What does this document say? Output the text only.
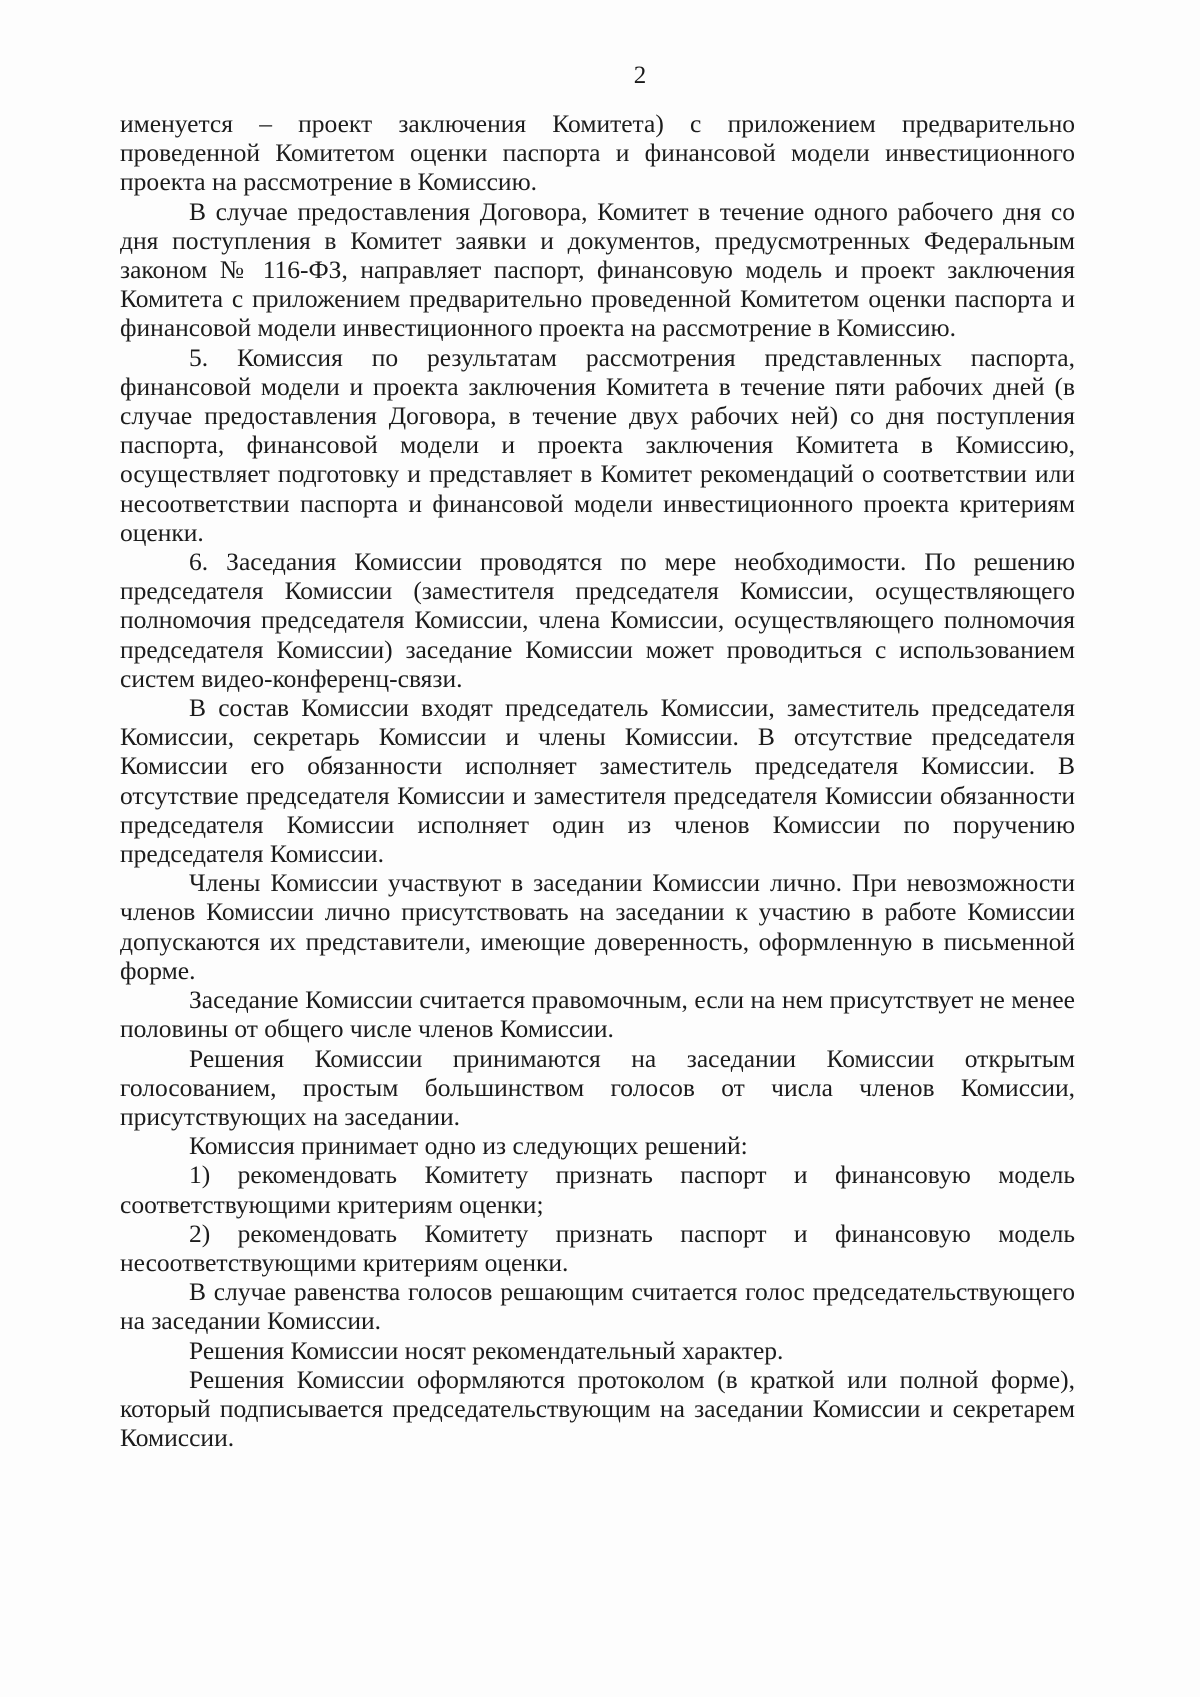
2

именуется – проект заключения Комитета) с приложением предварительно проведенной Комитетом оценки паспорта и финансовой модели инвестиционного проекта на рассмотрение в Комиссию.

В случае предоставления Договора, Комитет в течение одного рабочего дня со дня поступления в Комитет заявки и документов, предусмотренных Федеральным законом № 116-ФЗ, направляет паспорт, финансовую модель и проект заключения Комитета с приложением предварительно проведенной Комитетом оценки паспорта и финансовой модели инвестиционного проекта на рассмотрение в Комиссию.

5. Комиссия по результатам рассмотрения представленных паспорта, финансовой модели и проекта заключения Комитета в течение пяти рабочих дней (в случае предоставления Договора, в течение двух рабочих ней) со дня поступления паспорта, финансовой модели и проекта заключения Комитета в Комиссию, осуществляет подготовку и представляет в Комитет рекомендаций о соответствии или несоответствии паспорта и финансовой модели инвестиционного проекта критериям оценки.

6. Заседания Комиссии проводятся по мере необходимости. По решению председателя Комиссии (заместителя председателя Комиссии, осуществляющего полномочия председателя Комиссии, члена Комиссии, осуществляющего полномочия председателя Комиссии) заседание Комиссии может проводиться с использованием систем видео-конференц-связи.

В состав Комиссии входят председатель Комиссии, заместитель председателя Комиссии, секретарь Комиссии и члены Комиссии. В отсутствие председателя Комиссии его обязанности исполняет заместитель председателя Комиссии. В отсутствие председателя Комиссии и заместителя председателя Комиссии обязанности председателя Комиссии исполняет один из членов Комиссии по поручению председателя Комиссии.

Члены Комиссии участвуют в заседании Комиссии лично. При невозможности членов Комиссии лично присутствовать на заседании к участию в работе Комиссии допускаются их представители, имеющие доверенность, оформленную в письменной форме.

Заседание Комиссии считается правомочным, если на нем присутствует не менее половины от общего числе членов Комиссии.

Решения Комиссии принимаются на заседании Комиссии открытым голосованием, простым большинством голосов от числа членов Комиссии, присутствующих на заседании.

Комиссия принимает одно из следующих решений:

1) рекомендовать Комитету признать паспорт и финансовую модель соответствующими критериям оценки;

2) рекомендовать Комитету признать паспорт и финансовую модель несоответствующими критериям оценки.

В случае равенства голосов решающим считается голос председательствующего на заседании Комиссии.

Решения Комиссии носят рекомендательный характер.

Решения Комиссии оформляются протоколом (в краткой или полной форме), который подписывается председательствующим на заседании Комиссии и секретарем Комиссии.
